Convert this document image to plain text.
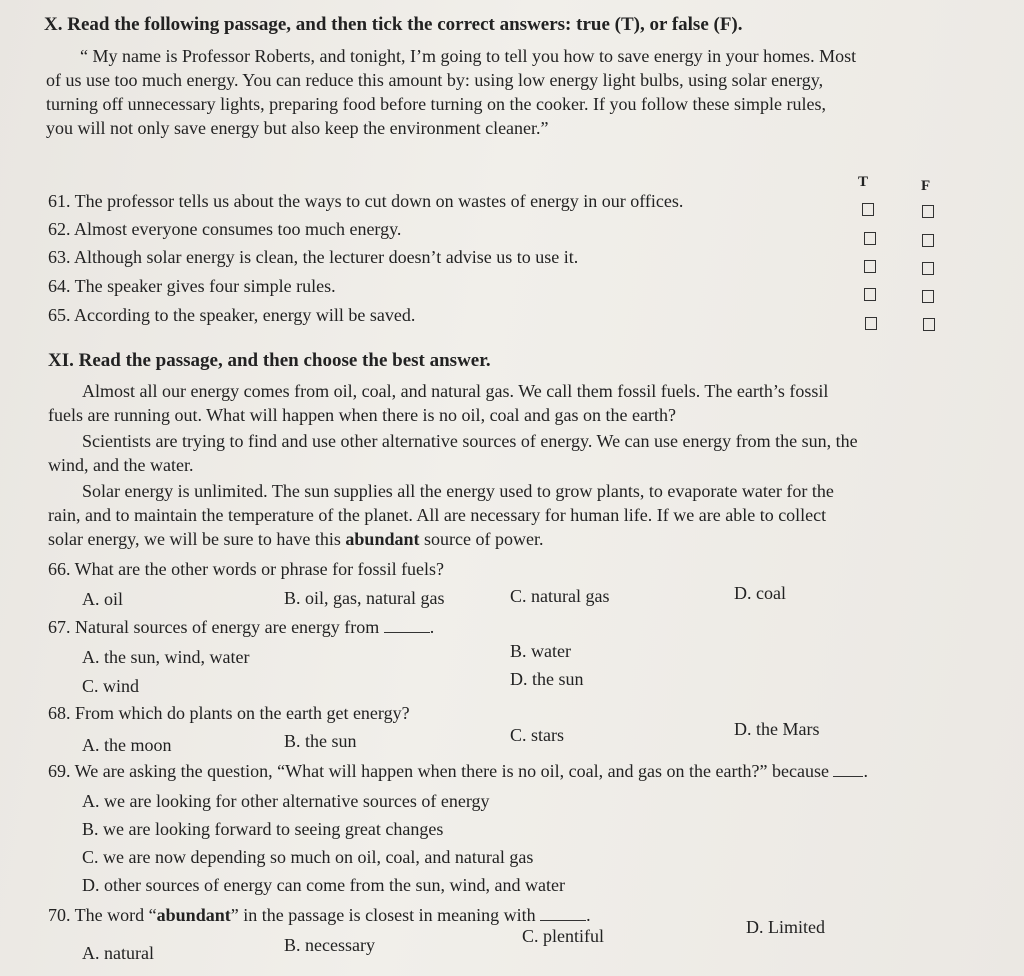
X. Read the following passage, and then tick the correct answers: true (T), or false (F).
“ My name is Professor Roberts, and tonight, I’m going to tell you how to save energy in your homes. Most
of us use too much energy. You can reduce this amount by: using low energy light bulbs, using solar energy,
turning off unnecessary lights, preparing food before turning on the cooker. If you follow these simple rules,
you will not only save energy but also keep the environment cleaner.”
T	F
61. The professor tells us about the ways to cut down on wastes of energy in our offices.
62. Almost everyone consumes too much energy.
63. Although solar energy is clean, the lecturer doesn’t advise us to use it.
64. The speaker gives four simple rules.
65. According to the speaker, energy will be saved.
XI. Read the passage, and then choose the best answer.
Almost all our energy comes from oil, coal, and natural gas. We call them fossil fuels. The earth’s fossil
fuels are running out. What will happen when there is no oil, coal and gas on the earth?
Scientists are trying to find and use other alternative sources of energy. We can use energy from the sun, the
wind, and the water.
Solar energy is unlimited. The sun supplies all the energy used to grow plants, to evaporate water for the
rain, and to maintain the temperature of the planet. All are necessary for human life. If we are able to collect
solar energy, we will be sure to have this abundant source of power.
66. What are the other words or phrase for fossil fuels?
A. oil	B. oil, gas, natural gas	C. natural gas	D. coal
67. Natural sources of energy are energy from	.
A. the sun, wind, water	B. water
C. wind	D. the sun
68. From which do plants on the earth get energy?
A. the moon	B. the sun	C. stars	D. the Mars
69. We are asking the question, “What will happen when there is no oil, coal, and gas on the earth?” because .
A. we are looking for other alternative sources of energy
B. we are looking forward to seeing great changes
C. we are now depending so much on oil, coal, and natural gas
D. other sources of energy can come from the sun, wind, and water
70. The word “abundant” in the passage is closest in meaning with	.
A. natural	B. necessary	C. plentiful	D. Limited
